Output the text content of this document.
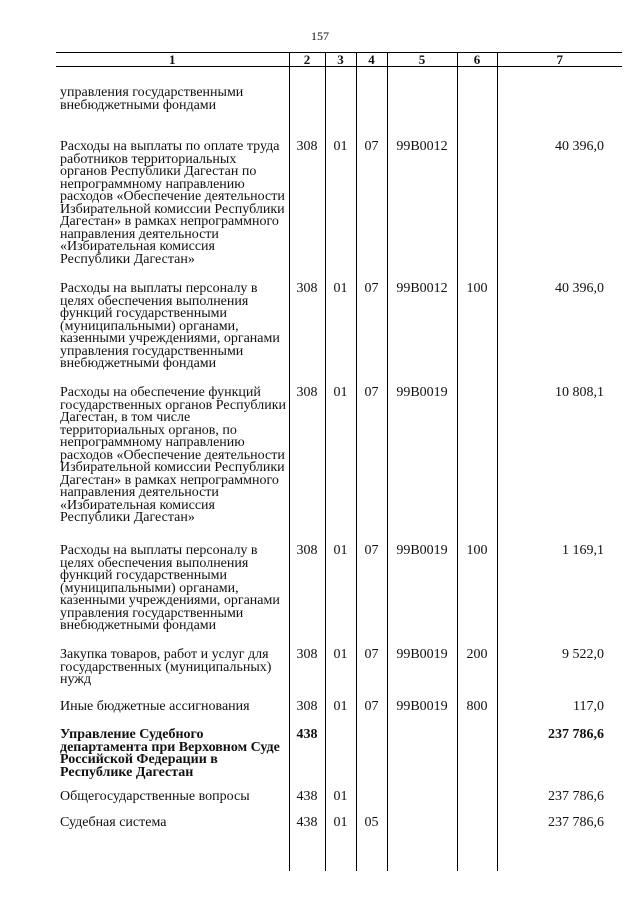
157
1	2	3	4	5	6	7

управления государственными внебюджетными фондами						

Расходы на выплаты по оплате труда работников территориальных органов Республики Дагестан по непрограммному направлению расходов «Обеспечение деятельности Избирательной комиссии Республики Дагестан» в рамках непрограммного направления деятельности «Избирательная комиссия Республики Дагестан»	308	01	07	99В0012		40 396,0

Расходы на выплаты персоналу в целях обеспечения выполнения функций государственными (муниципальными) органами, казенными учреждениями, органами управления государственными внебюджетными фондами	308	01	07	99В0012	100	40 396,0

Расходы на обеспечение функций государственных органов Республики Дагестан, в том числе территориальных органов, по непрограммному направлению расходов «Обеспечение деятельности Избирательной комиссии Республики Дагестан» в рамках непрограммного направления деятельности «Избирательная комиссия Республики Дагестан»	308	01	07	99В0019		10 808,1

Расходы на выплаты персоналу в целях обеспечения выполнения функций государственными (муниципальными) органами, казенными учреждениями, органами управления государственными внебюджетными фондами	308	01	07	99В0019	100	1 169,1

Закупка товаров, работ и услуг для государственных (муниципальных) нужд	308	01	07	99В0019	200	9 522,0

Иные бюджетные ассигнования	308	01	07	99В0019	800	117,0

Управление Судебного департамента при Верховном Суде Российской Федерации в Республике Дагестан	438					237 786,6

Общегосударственные вопросы	438	01				237 786,6

Судебная система	438	01	05			237 786,6
